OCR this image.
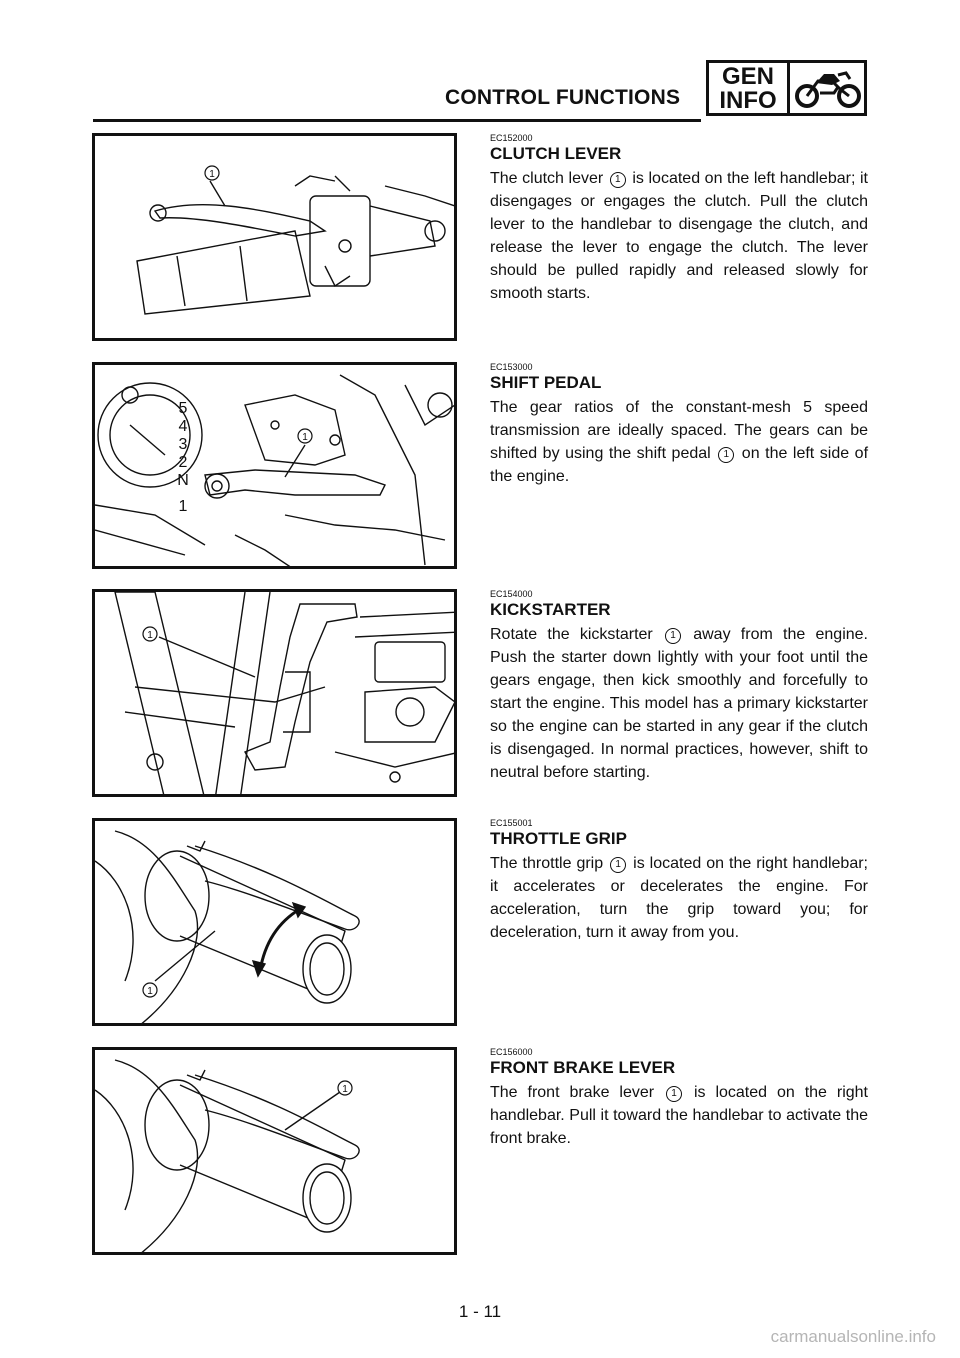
CONTROL FUNCTIONS
GEN
INFO
1
1
5
4
3
2
N
1
1
1
1
EC152000
CLUTCH LEVER
The clutch lever 1 is located on the left handlebar; it disengages or engages the clutch. Pull the clutch lever to the handlebar to disengage the clutch, and release the lever to engage the clutch. The lever should be pulled rapidly and released slowly for smooth starts.
EC153000
SHIFT PEDAL
The gear ratios of the constant-mesh 5 speed transmission are ideally spaced. The gears can be shifted by using the shift pedal 1 on the left side of the engine.
EC154000
KICKSTARTER
Rotate the kickstarter 1 away from the engine. Push the starter down lightly with your foot until the gears engage, then kick smoothly and forcefully to start the engine. This model has a primary kickstarter so the engine can be started in any gear if the clutch is disengaged. In normal practices, however, shift to neutral before starting.
EC155001
THROTTLE GRIP
The throttle grip 1 is located on the right handlebar; it accelerates or decelerates the engine. For acceleration, turn the grip toward you; for deceleration, turn it away from you.
EC156000
FRONT BRAKE LEVER
The front brake lever 1 is located on the right handlebar. Pull it toward the handlebar to activate the front brake.
1 - 11
carmanualsonline.info
